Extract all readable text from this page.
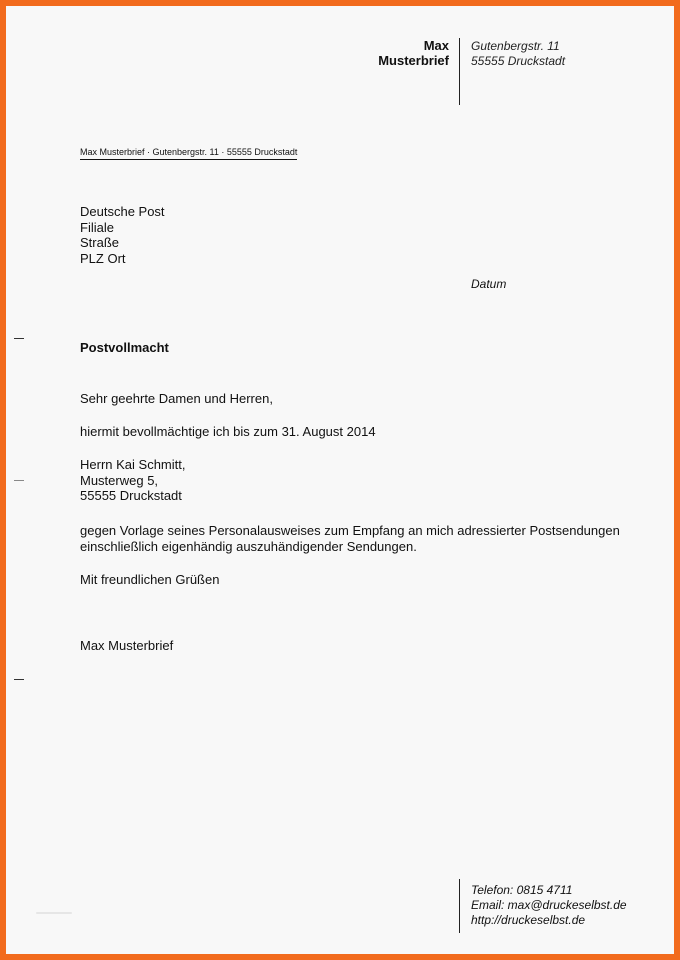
Max
Musterbrief
Gutenbergstr. 11
55555 Druckstadt
Max Musterbrief · Gutenbergstr. 11 · 55555 Druckstadt
Deutsche Post
Filiale
Straße
PLZ Ort
Datum
Postvollmacht
Sehr geehrte Damen und Herren,
hiermit bevollmächtige ich bis zum 31. August 2014
Herrn Kai Schmitt,
Musterweg 5,
55555 Druckstadt
gegen Vorlage seines Personalausweises zum Empfang an mich adressierter Postsendungen
einschließlich eigenhändig auszuhändigender Sendungen.
Mit freundlichen Grüßen
Max Musterbrief
Telefon: 0815 4711
Email: max@druckeselbst.de
http://druckeselbst.de
